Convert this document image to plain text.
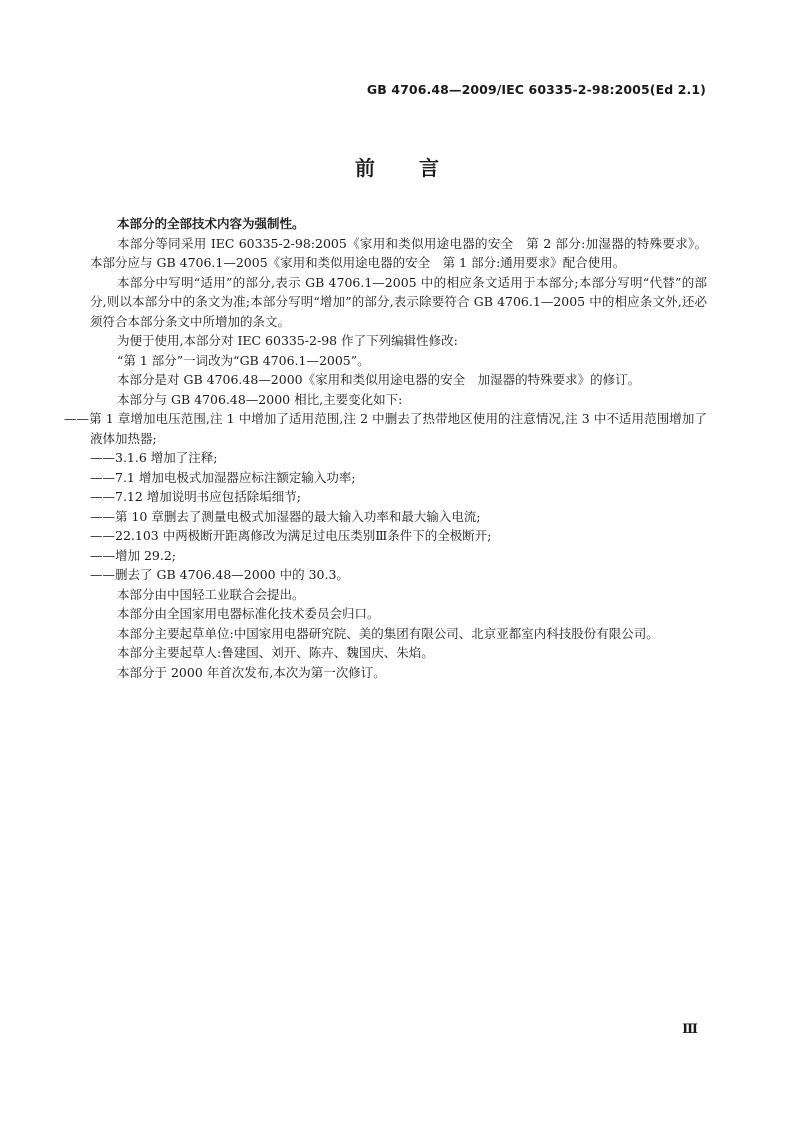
GB 4706.48—2009/IEC 60335-2-98:2005(Ed 2.1)
前言

本部分的全部技术内容为强制性。

本部分等同采用 IEC 60335-2-98:2005《家用和类似用途电器的安全　第 2 部分:加湿器的特殊要求》。本部分应与 GB 4706.1—2005《家用和类似用途电器的安全　第 1 部分:通用要求》配合使用。

本部分中写明“适用”的部分,表示 GB 4706.1—2005 中的相应条文适用于本部分;本部分写明“代替”的部分,则以本部分中的条文为准;本部分写明“增加”的部分,表示除要符合 GB 4706.1—2005 中的相应条文外,还必须符合本部分条文中所增加的条文。

为便于使用,本部分对 IEC 60335-2-98 作了下列编辑性修改:

“第 1 部分”一词改为“GB 4706.1—2005”。

本部分是对 GB 4706.48—2000《家用和类似用途电器的安全　加湿器的特殊要求》的修订。

本部分与 GB 4706.48—2000 相比,主要变化如下:

——第 1 章增加电压范围,注 1 中增加了适用范围,注 2 中删去了热带地区使用的注意情况,注 3 中不适用范围增加了液体加热器;

——3.1.6 增加了注释;

——7.1 增加电极式加湿器应标注额定输入功率;

——7.12 增加说明书应包括除垢细节;

——第 10 章删去了测量电极式加湿器的最大输入功率和最大输入电流;

——22.103 中两极断开距离修改为满足过电压类别Ⅲ条件下的全极断开;

——增加 29.2;

——删去了 GB 4706.48—2000 中的 30.3。

本部分由中国轻工业联合会提出。

本部分由全国家用电器标准化技术委员会归口。

本部分主要起草单位:中国家用电器研究院、美的集团有限公司、北京亚都室内科技股份有限公司。

本部分主要起草人:鲁建国、刘开、陈卉、魏国庆、朱焰。

本部分于 2000 年首次发布,本次为第一次修订。

Ⅲ
